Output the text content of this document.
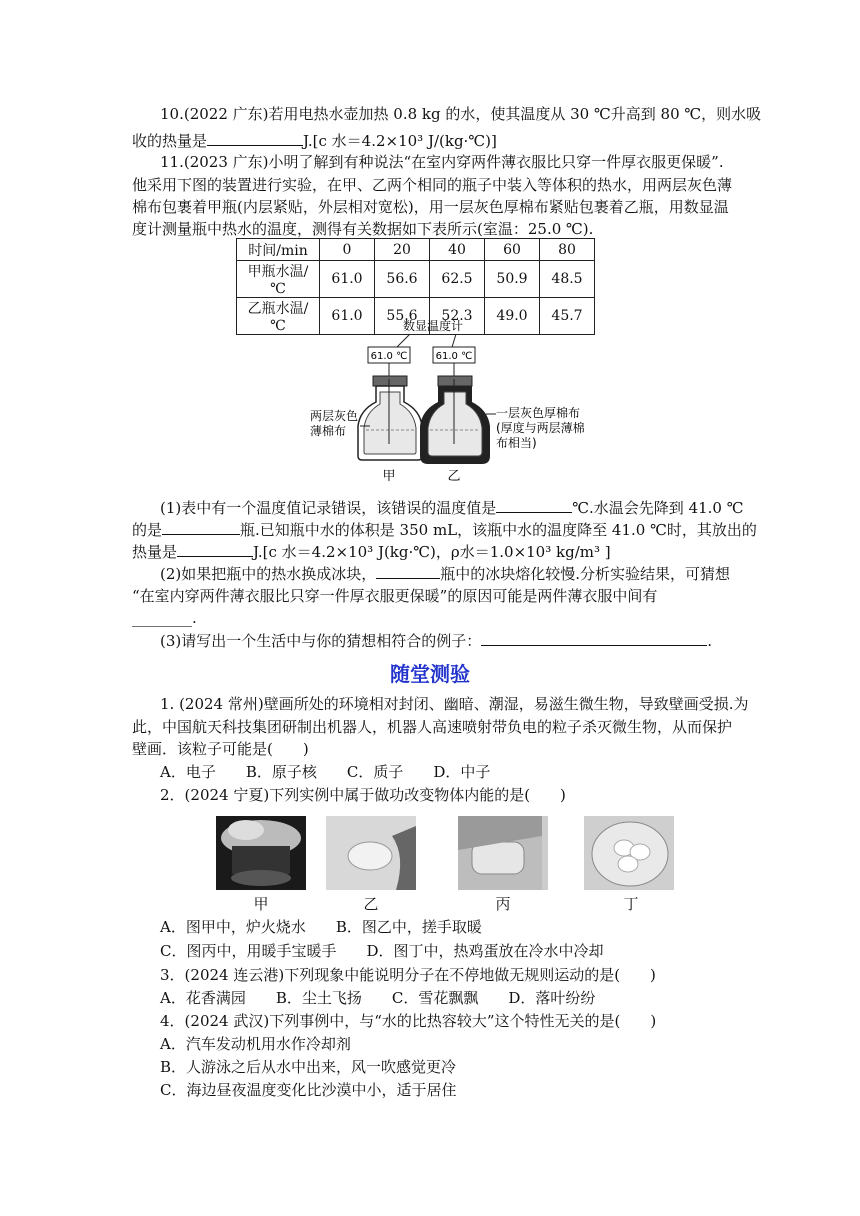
10.(2022 广东)若用电热水壶加热 0.8 kg 的水，使其温度从 30 ℃升高到 80 ℃，则水吸
收的热量是	J.[c 水＝4.2×10³ J/(kg·℃)]
11.(2023 广东)小明了解到有种说法“在室内穿两件薄衣服比只穿一件厚衣服更保暖”.
他采用下图的装置进行实验，在甲、乙两个相同的瓶子中装入等体积的热水，用两层灰色薄
棉布包裹着甲瓶(内层紧贴，外层相对宽松)，用一层灰色厚棉布紧贴包裹着乙瓶，用数显温
度计测量瓶中热水的温度，测得有关数据如下表所示(室温：25.0 ℃).
时间/min	0	20	40	60	80
甲瓶水温/℃	61.0	56.6	62.5	50.9	48.5
乙瓶水温/℃	61.0	55.6	52.3	49.0	45.7
数显温度计
61.0 ℃	61.0 ℃
两层灰色
薄棉布
一层灰色厚棉布
(厚度与两层薄棉
布相当)
甲	乙
(1)表中有一个温度值记录错误，该错误的温度值是	℃.水温会先降到 41.0 ℃
的是	瓶.已知瓶中水的体积是 350 mL，该瓶中水的温度降至 41.0 ℃时，其放出的
热量是	J.[c 水＝4.2×10³ J(kg·℃)，ρ水＝1.0×10³ kg/m³ ]
(2)如果把瓶中的热水换成冰块，	瓶中的冰块熔化较慢.分析实验结果，可猜想
“在室内穿两件薄衣服比只穿一件厚衣服更保暖”的原因可能是两件薄衣服中间有
________.
(3)请写出一个生活中与你的猜想相符合的例子：	.
随堂测验
1. (2024 常州)壁画所处的环境相对封闭、幽暗、潮湿，易滋生微生物，导致壁画受损.为
此，中国航天科技集团研制出机器人，机器人高速喷射带负电的粒子杀灭微生物，从而保护
壁画．该粒子可能是(　　)
A．电子　　B．原子核　　C．质子　　D．中子
2．(2024 宁夏)下列实例中属于做功改变物体内能的是(　　)
甲	乙	丙	丁
A．图甲中，炉火烧水　　B．图乙中，搓手取暖
C．图丙中，用暖手宝暖手　　D．图丁中，热鸡蛋放在冷水中冷却
3．(2024 连云港)下列现象中能说明分子在不停地做无规则运动的是(　　)
A．花香满园　　B．尘土飞扬　　C．雪花飘飘　　D．落叶纷纷
4．(2024 武汉)下列事例中，与“水的比热容较大”这个特性无关的是(　　)
A．汽车发动机用水作冷却剂
B．人游泳之后从水中出来，风一吹感觉更冷
C．海边昼夜温度变化比沙漠中小，适于居住
